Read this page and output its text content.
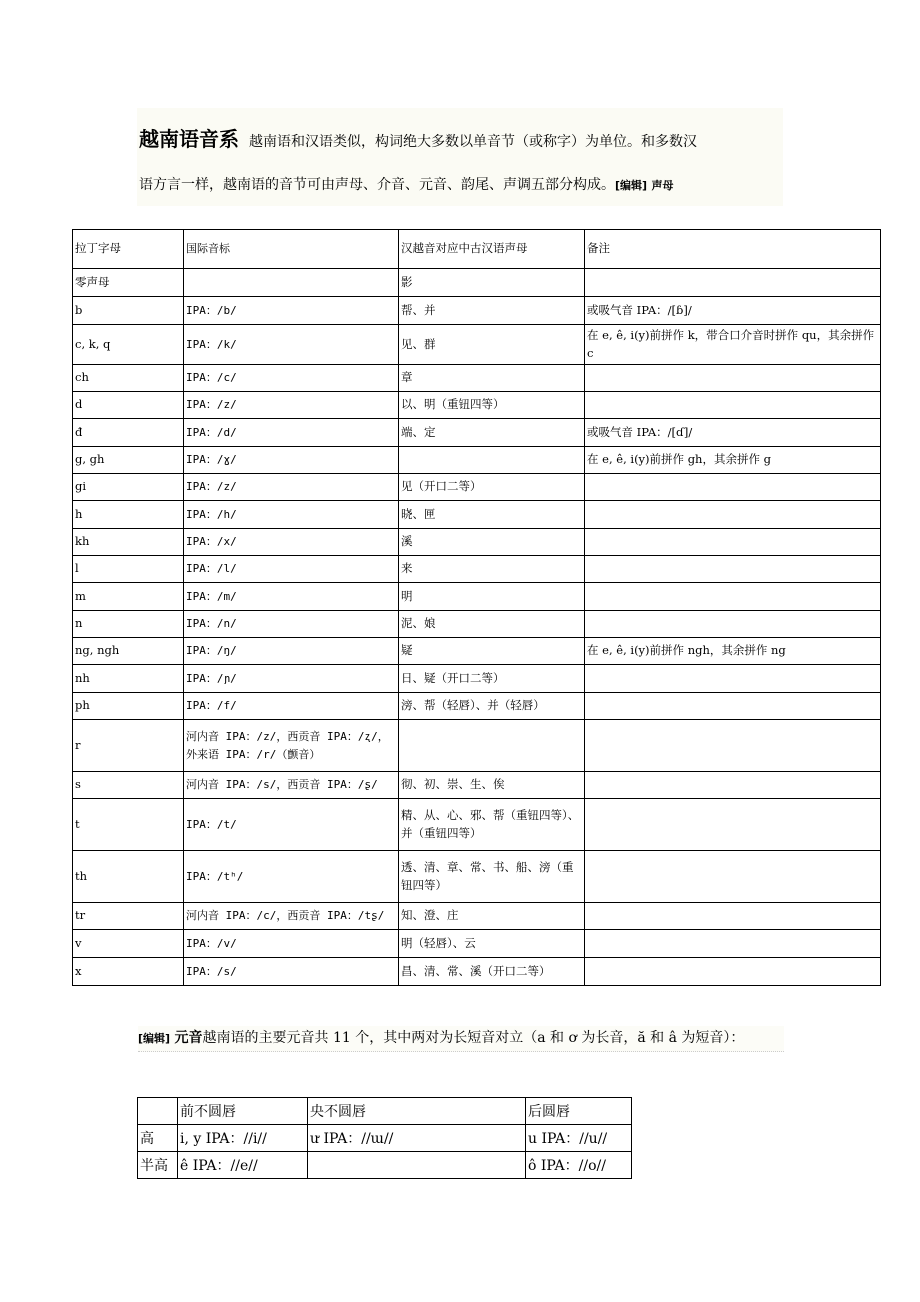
越南语音系 越南语和汉语类似，构词绝大多数以单音节（或称字）为单位。和多数汉
语方言一样，越南语的音节可由声母、介音、元音、韵尾、声调五部分构成。[编辑] 声母
拉丁字母	国际音标	汉越音对应中古汉语声母	备注
零声母		影	
b	IPA：/b/	帮、并	或吸气音 IPA：/[ɓ]/
c, k, q	IPA：/k/	见、群	在 e, ê, i(y)前拼作 k，带合口介音时拼作 qu，其余拼作 c
ch	IPA：/c/	章	
d	IPA：/z/	以、明（重钮四等）	
đ	IPA：/d/	端、定	或吸气音 IPA：/[ɗ]/
g, gh	IPA：/ɣ/		在 e, ê, i(y)前拼作 gh，其余拼作 g
gi	IPA：/z/	见（开口二等）	
h	IPA：/h/	晓、匣	
kh	IPA：/x/	溪	
l	IPA：/l/	来	
m	IPA：/m/	明	
n	IPA：/n/	泥、娘	
ng, ngh	IPA：/ŋ/	疑	在 e, ê, i(y)前拼作 ngh，其余拼作 ng
nh	IPA：/ɲ/	日、疑（开口二等）	
ph	IPA：/f/	滂、帮（轻唇）、并（轻唇）	
r	河内音 IPA：/z/，西贡音 IPA：/ʐ/，外来语 IPA：/r/（颤音）		
s	河内音 IPA：/s/，西贡音 IPA：/ʂ/	彻、初、崇、生、俟	
t	IPA：/t/	精、从、心、邪、帮（重钮四等）、并（重钮四等）	
th	IPA：/tʰ/	透、清、章、常、书、船、滂（重钮四等）	
tr	河内音 IPA：/c/，西贡音 IPA：/tʂ/	知、澄、庄	
v	IPA：/v/	明（轻唇）、云	
x	IPA：/s/	昌、清、常、溪（开口二等）	
[编辑] 元音越南语的主要元音共 11 个，其中两对为长短音对立（a 和 ơ 为长音，ă 和 â 为短音）：
	前不圆唇	央不圆唇	后圆唇
高	i, y IPA：//i//	ư IPA：//ɯ//	u IPA：//u//
半高	ê IPA：//e//		ô IPA：//o//
